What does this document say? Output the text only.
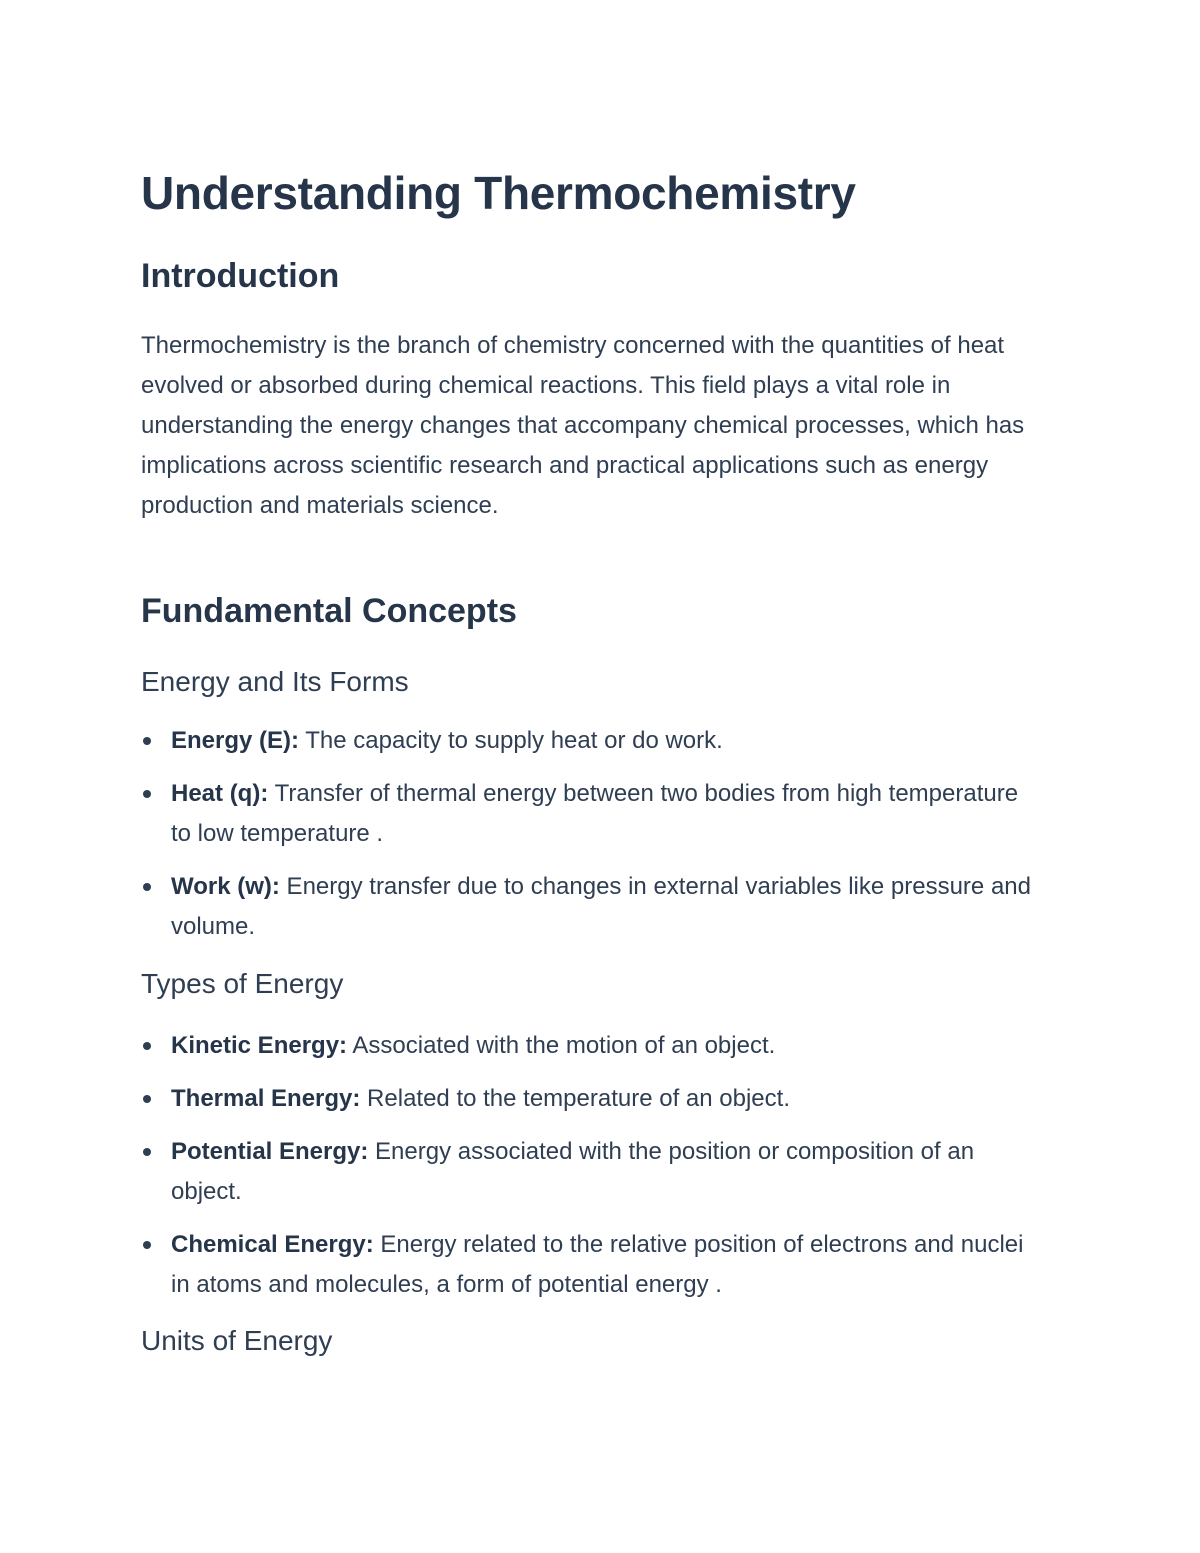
Understanding Thermochemistry
Introduction

Thermochemistry is the branch of chemistry concerned with the quantities of heat evolved or absorbed during chemical reactions. This field plays a vital role in understanding the energy changes that accompany chemical processes, which has implications across scientific research and practical applications such as energy production and materials science.

Fundamental Concepts
Energy and Its Forms
Energy (E): The capacity to supply heat or do work.
Heat (q): Transfer of thermal energy between two bodies from high temperature to low temperature .
Work (w): Energy transfer due to changes in external variables like pressure and volume.
Types of Energy
Kinetic Energy: Associated with the motion of an object.
Thermal Energy: Related to the temperature of an object.
Potential Energy: Energy associated with the position or composition of an object.
Chemical Energy: Energy related to the relative position of electrons and nuclei in atoms and molecules, a form of potential energy .
Units of Energy
